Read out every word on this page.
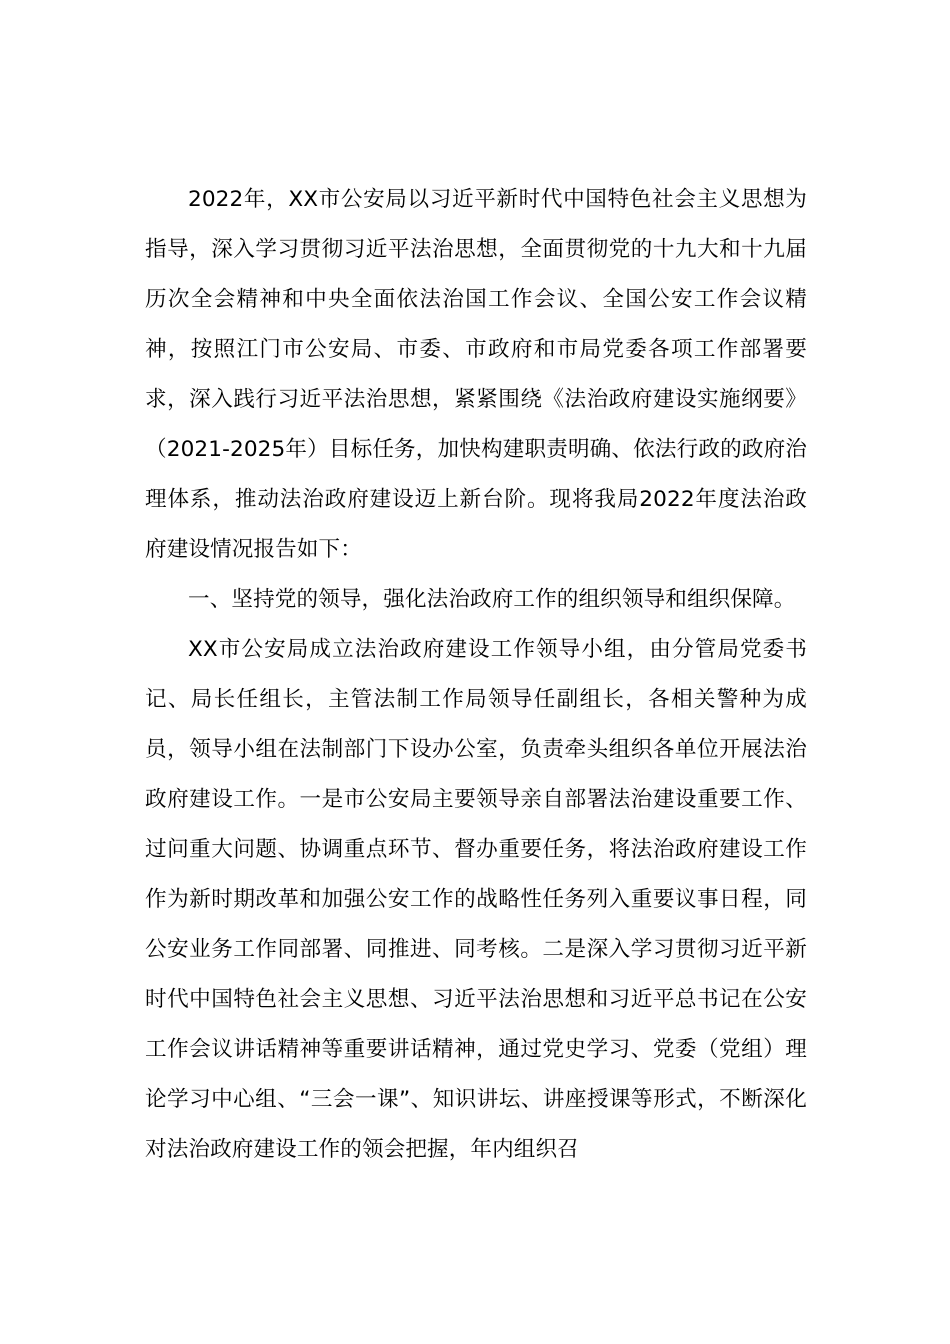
2022年，XX市公安局以习近平新时代中国特色社会主义思想为指导，深入学习贯彻习近平法治思想，全面贯彻党的十九大和十九届历次全会精神和中央全面依法治国工作会议、全国公安工作会议精神，按照江门市公安局、市委、市政府和市局党委各项工作部署要求，深入践行习近平法治思想，紧紧围绕《法治政府建设实施纲要》（2021-2025年）目标任务，加快构建职责明确、依法行政的政府治理体系，推动法治政府建设迈上新台阶。现将我局2022年度法治政府建设情况报告如下：

一、坚持党的领导，强化法治政府工作的组织领导和组织保障。

XX市公安局成立法治政府建设工作领导小组，由分管局党委书记、局长任组长，主管法制工作局领导任副组长，各相关警种为成员，领导小组在法制部门下设办公室，负责牵头组织各单位开展法治政府建设工作。一是市公安局主要领导亲自部署法治建设重要工作、过问重大问题、协调重点环节、督办重要任务，将法治政府建设工作作为新时期改革和加强公安工作的战略性任务列入重要议事日程，同公安业务工作同部署、同推进、同考核。二是深入学习贯彻习近平新时代中国特色社会主义思想、习近平法治思想和习近平总书记在公安工作会议讲话精神等重要讲话精神，通过党史学习、党委（党组）理论学习中心组、“三会一课”、知识讲坛、讲座授课等形式，不断深化对法治政府建设工作的领会把握，年内组织召
